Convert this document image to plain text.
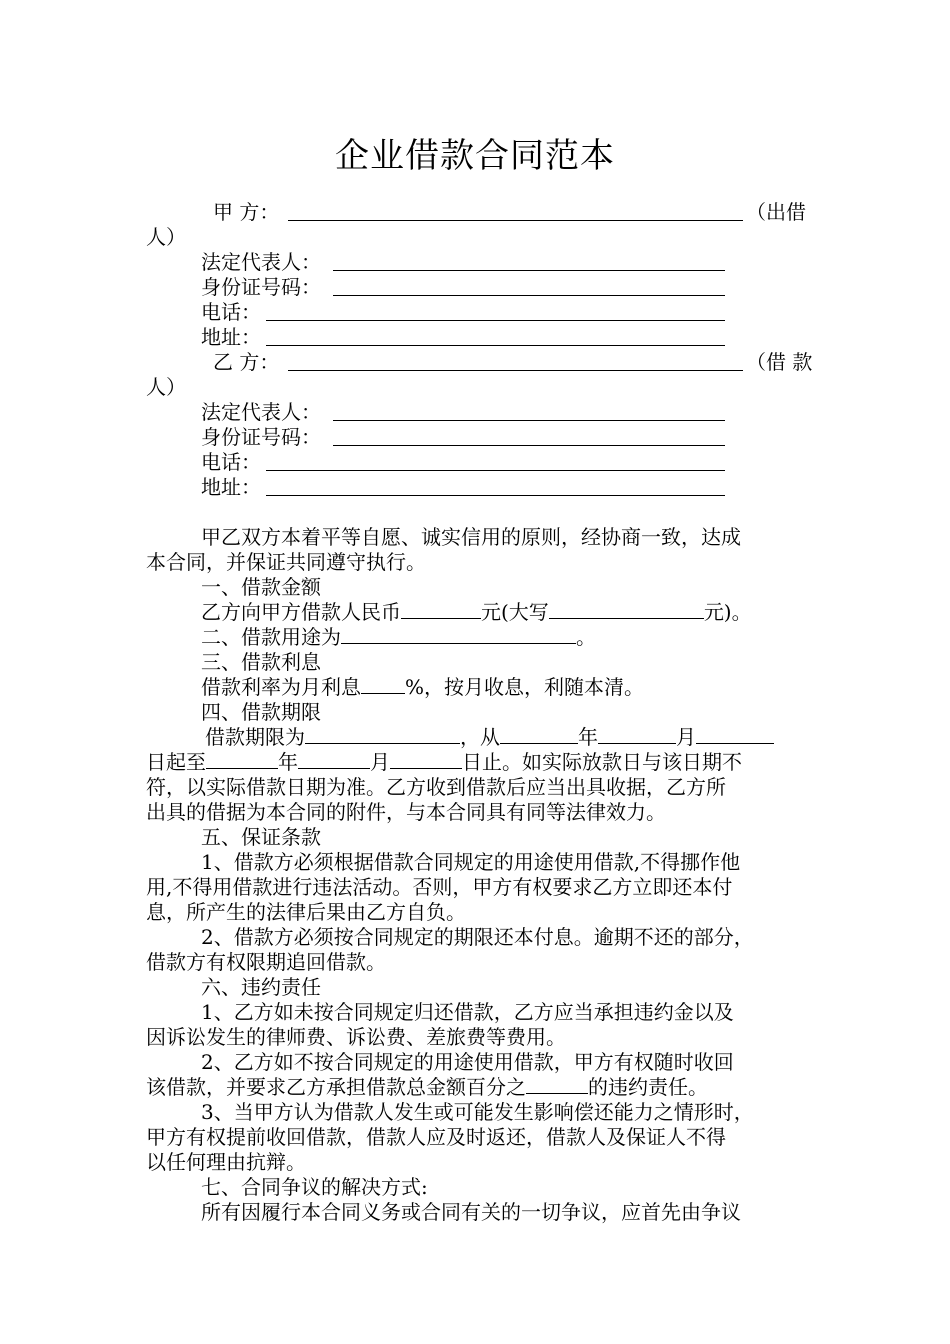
企业借款合同范本
甲 方：	（出借
人）
法定代表人：
身份证号码：
电话：
地址：
乙 方：	（借 款
人）
法定代表人：
身份证号码：
电话：
地址：
甲乙双方本着平等自愿、诚实信用的原则，经协商一致，达成
本合同，并保证共同遵守执行。
一、借款金额
乙方向甲方借款人民币	元(大写	元)。
二、借款用途为	。
三、借款利息
借款利率为月利息 %，按月收息，利随本清。
四、借款期限
借款期限为	，从	年	月
日起至	年	月	日止。如实际放款日与该日期不
符，以实际借款日期为准。乙方收到借款后应当出具收据，乙方所
出具的借据为本合同的附件，与本合同具有同等法律效力。
五、保证条款
1、借款方必须根据借款合同规定的用途使用借款,不得挪作他
用,不得用借款进行违法活动。否则，甲方有权要求乙方立即还本付
息，所产生的法律后果由乙方自负。
2、借款方必须按合同规定的期限还本付息。逾期不还的部分，
借款方有权限期追回借款。
六、违约责任
1、乙方如未按合同规定归还借款，乙方应当承担违约金以及
因诉讼发生的律师费、诉讼费、差旅费等费用。
2、乙方如不按合同规定的用途使用借款，甲方有权随时收回
该借款，并要求乙方承担借款总金额百分之	的违约责任。
3、当甲方认为借款人发生或可能发生影响偿还能力之情形时，
甲方有权提前收回借款，借款人应及时返还，借款人及保证人不得
以任何理由抗辩。
七、合同争议的解决方式:
所有因履行本合同义务或合同有关的一切争议，应首先由争议
